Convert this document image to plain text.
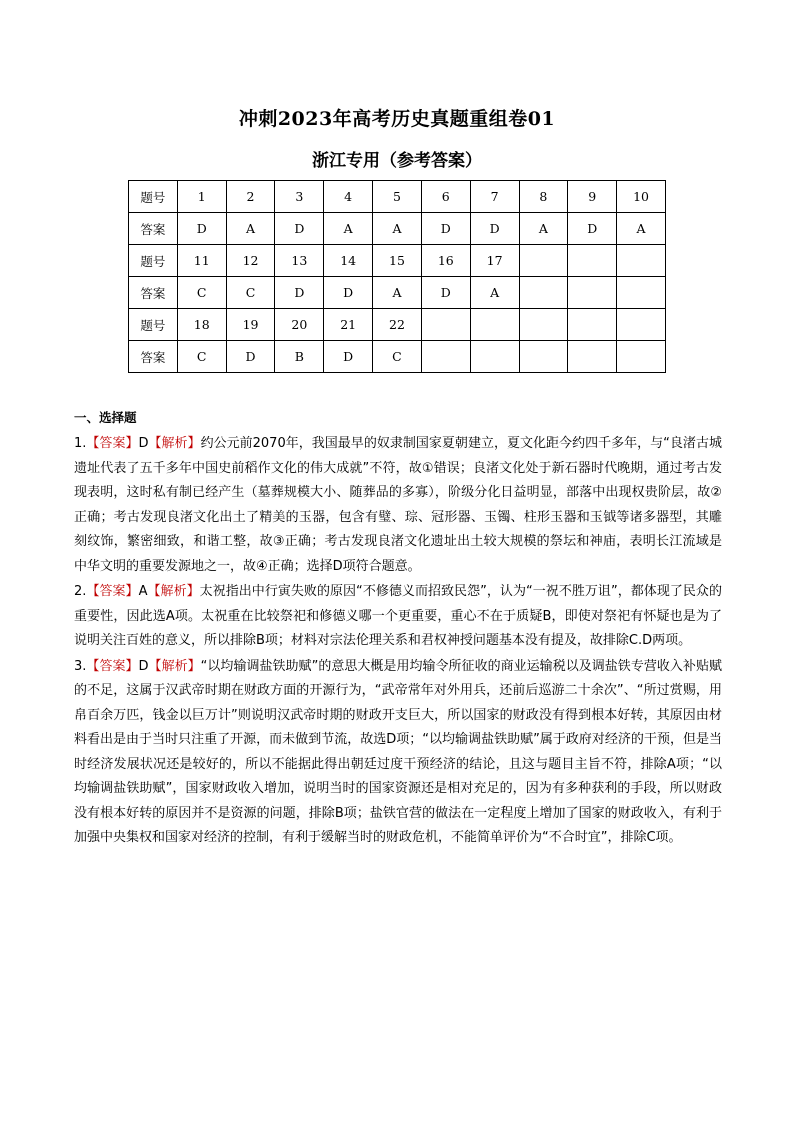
冲刺2023年高考历史真题重组卷01
浙江专用（参考答案）
题号	1	2	3	4	5	6	7	8	9	10
答案	D	A	D	A	A	D	D	A	D	A
题号	11	12	13	14	15	16	17			
答案	C	C	D	D	A	D	A			
题号	18	19	20	21	22					
答案	C	D	B	D	C					
一、选择题

1.【答案】D【解析】约公元前2070年，我国最早的奴隶制国家夏朝建立，夏文化距今约四千多年，与“良渚古城遗址代表了五千多年中国史前稻作文化的伟大成就”不符，故①错误；良渚文化处于新石器时代晚期，通过考古发现表明，这时私有制已经产生（墓葬规模大小、随葬品的多寡），阶级分化日益明显，部落中出现权贵阶层，故②正确；考古发现良渚文化出土了精美的玉器，包含有璧、琮、冠形器、玉镯、柱形玉器和玉钺等诸多器型，其雕刻纹饰，繁密细致，和谐工整，故③正确；考古发现良渚文化遗址出土较大规模的祭坛和神庙，表明长江流域是中华文明的重要发源地之一，故④正确；选择D项符合题意。

2.【答案】A【解析】太祝指出中行寅失败的原因“不修德义而招致民怨”，认为“一祝不胜万诅”，都体现了民众的重要性，因此选A项。太祝重在比较祭祀和修德义哪一个更重要，重心不在于质疑B，即使对祭祀有怀疑也是为了说明关注百姓的意义，所以排除B项；材料对宗法伦理关系和君权神授问题基本没有提及，故排除C.D两项。

3.【答案】D【解析】“以均输调盐铁助赋”的意思大概是用均输令所征收的商业运输税以及调盐铁专营收入补贴赋的不足，这属于汉武帝时期在财政方面的开源行为，“武帝常年对外用兵，还前后巡游二十余次”、“所过赏赐，用帛百余万匹，钱金以巨万计”则说明汉武帝时期的财政开支巨大，所以国家的财政没有得到根本好转，其原因由材料看出是由于当时只注重了开源，而未做到节流，故选D项；“以均输调盐铁助赋”属于政府对经济的干预，但是当时经济发展状况还是较好的，所以不能据此得出朝廷过度干预经济的结论，且这与题目主旨不符，排除A项；“以均输调盐铁助赋”，国家财政收入增加，说明当时的国家资源还是相对充足的，因为有多种获利的手段，所以财政没有根本好转的原因并不是资源的问题，排除B项；盐铁官营的做法在一定程度上增加了国家的财政收入，有利于加强中央集权和国家对经济的控制，有利于缓解当时的财政危机，不能简单评价为“不合时宜”，排除C项。
